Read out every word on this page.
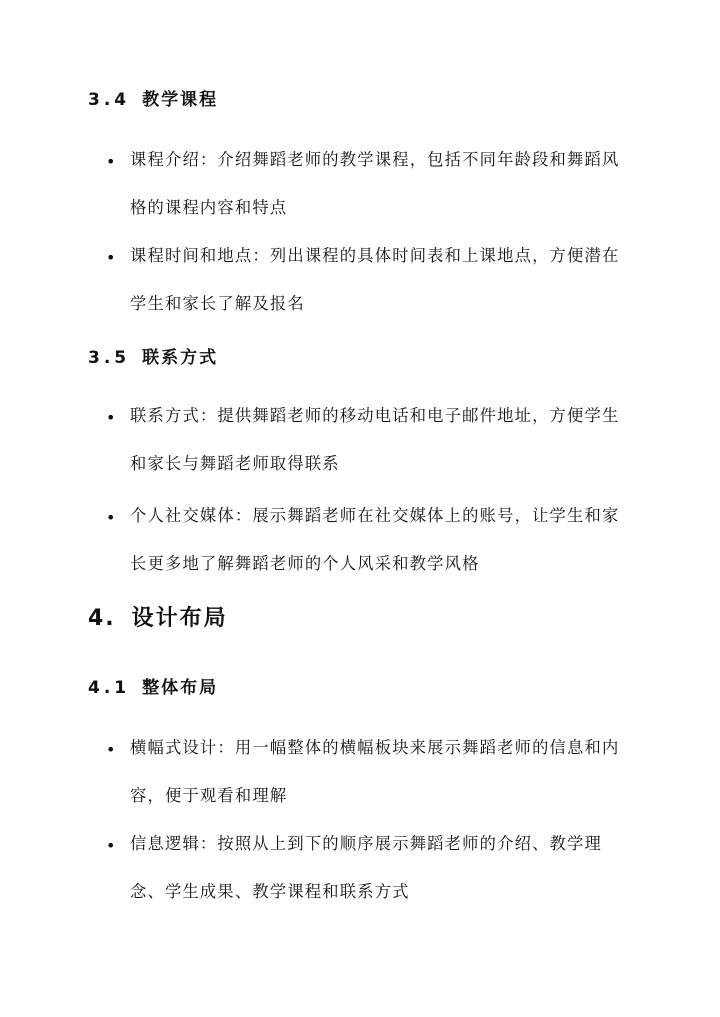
3.4 教学课程
• 课程介绍：介绍舞蹈老师的教学课程，包括不同年龄段和舞蹈风格的课程内容和特点
• 课程时间和地点：列出课程的具体时间表和上课地点，方便潜在学生和家长了解及报名
3.5 联系方式
• 联系方式：提供舞蹈老师的移动电话和电子邮件地址，方便学生和家长与舞蹈老师取得联系
• 个人社交媒体：展示舞蹈老师在社交媒体上的账号，让学生和家长更多地了解舞蹈老师的个人风采和教学风格
4. 设计布局
4.1 整体布局
• 横幅式设计：用一幅整体的横幅板块来展示舞蹈老师的信息和内容，便于观看和理解
• 信息逻辑：按照从上到下的顺序展示舞蹈老师的介绍、教学理念、学生成果、教学课程和联系方式
